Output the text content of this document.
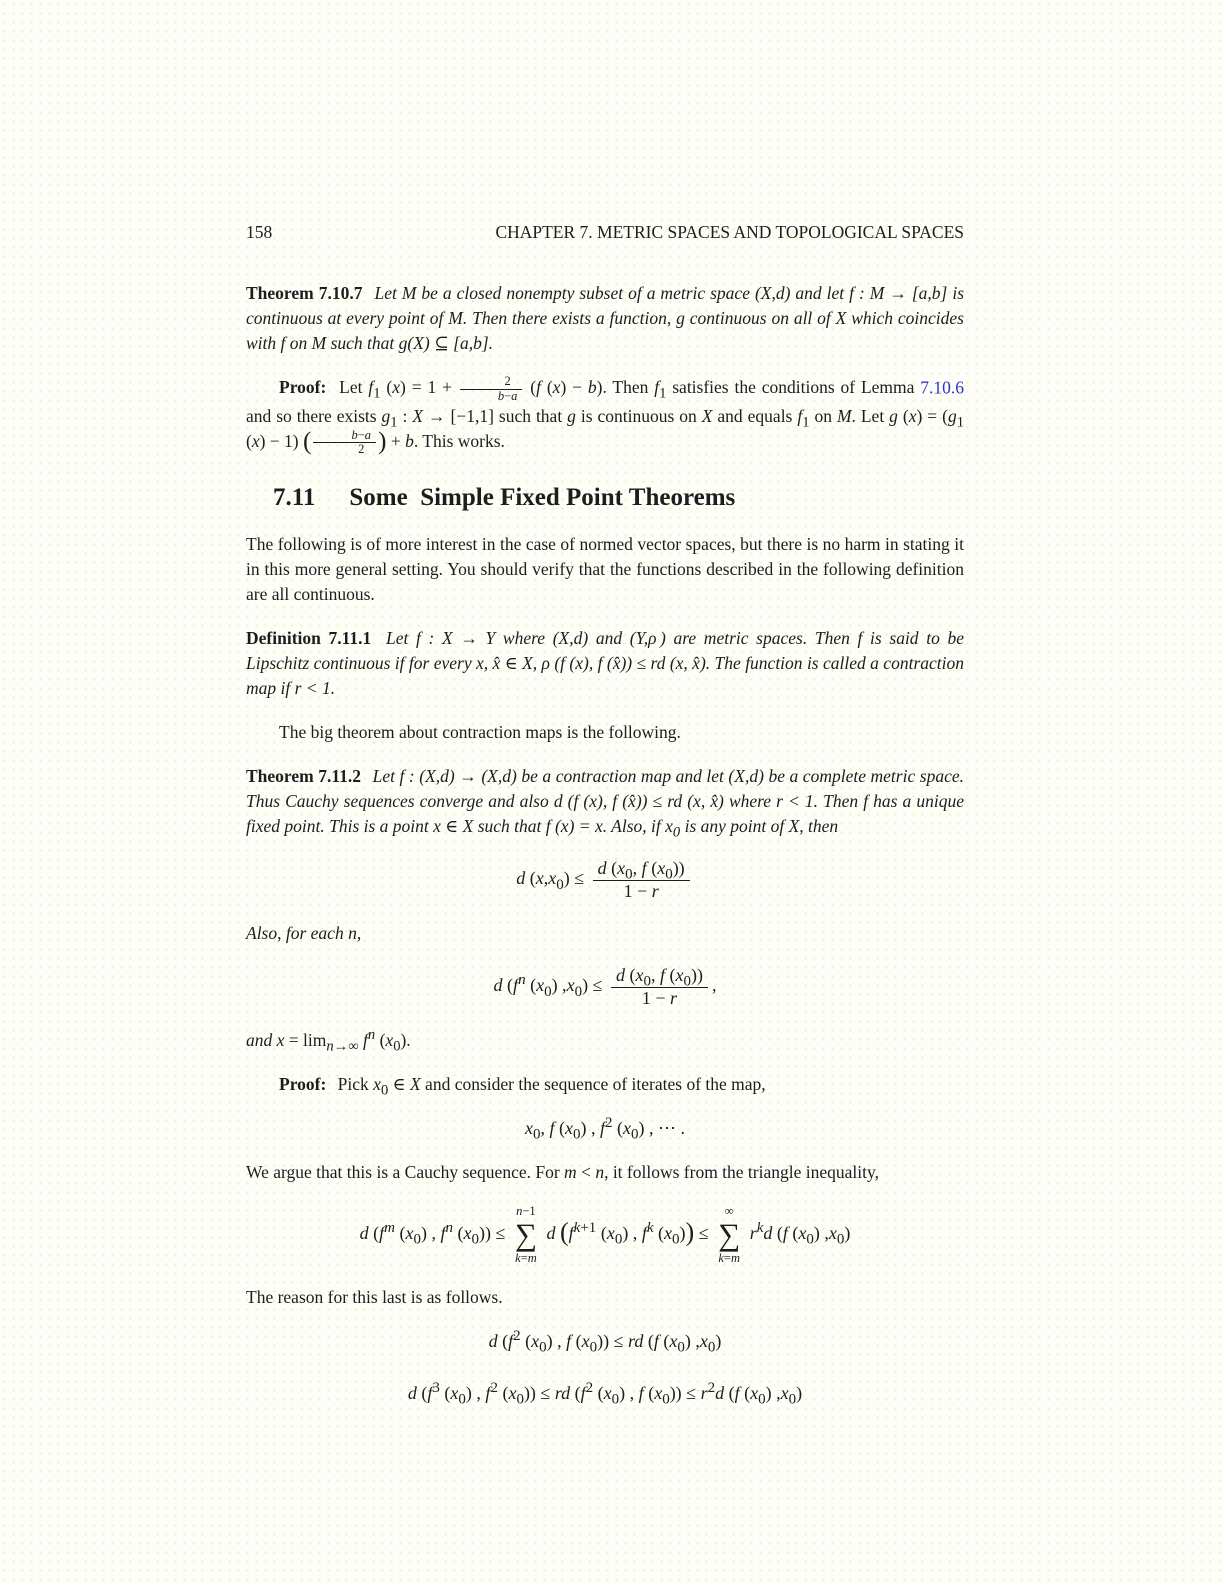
158	CHAPTER 7. METRIC SPACES AND TOPOLOGICAL SPACES

Theorem 7.10.7 Let M be a closed nonempty subset of a metric space (X,d) and let f : M → [a,b] is continuous at every point of M. Then there exists a function, g continuous on all of X which coincides with f on M such that g(X) ⊆ [a,b].

Proof: Let $f_1$ $(x) = 1 + \frac{2}{b-a} (f$ (x) − b). Then $f_1$ satisfies the conditions of Lemma 7.10.6 and so there exists $g_1$ : X → [−1,1] such that g is continuous on X and equals $f_1$ on M. Let g $(x) = (g_1$ (x) − 1) ( $\frac{b-a}{2}$ ) + b. This works.

7.11 Some  Simple Fixed Point Theorems

The following is of more interest in the case of normed vector spaces, but there is no harm in stating it in this more general setting. You should verify that the functions described in the following definition are all continuous.

Definition 7.11.1 Let f : X → Y where (X,d) and (Y,ρ ) are metric spaces. Then f is said to be Lipschitz continuous if for every x, x̂ ∈ X, ρ (f (x), f (x̂)) ≤ rd (x, x̂). The function is called a contraction map if r < 1.

The big theorem about contraction maps is the following.

Theorem 7.11.2 Let f : (X,d) → (X,d) be a contraction map and let (X,d) be a complete metric space. Thus Cauchy sequences converge and also d (f (x), f (x̂)) ≤ rd (x, x̂) where r < 1. Then f has a unique fixed point. This is a point x ∈ X such that f (x) = x. Also, if $x_0$ is any point of X, then

d $(x,x_0) \le \frac{d (x_0, f (x_0))}{1 - r}$

Also, for each n,

d ($f^n$ $(x_0) ,x_0) \le \frac{d (x_0, f (x_0))}{1 - r}$ ,

and $x = \lim_{n\to\infty} f^n$ $(x_0)$.

Proof: Pick $x_0$ ∈ X and consider the sequence of iterates of the map,

$x_0$, f $(x_0)$ , $f^2$ $(x_0)$ , ⋯ .

We argue that this is a Cauchy sequence. For m < n, it follows from the triangle inequality,

d ($f^m$ $(x_0)$ , $f^n$ $(x_0)$) ≤
n−1
∑
k=m
d ($f^{k+1}$ $(x_0)$ , $f^k$ $(x_0)$) ≤
∞
∑
k=m
$r^kd$ (f $(x_0)$ $,x_0$)

The reason for this last is as follows.

d ($f^2$ $(x_0)$ , f $(x_0)$) ≤ rd (f $(x_0)$ $,x_0$)
d ($f^3$ $(x_0)$ , $f^2$ $(x_0)$) ≤ rd ($f^2$ $(x_0)$ , f $(x_0)) \le r^2d$ (f $(x_0)$ $,x_0$)
